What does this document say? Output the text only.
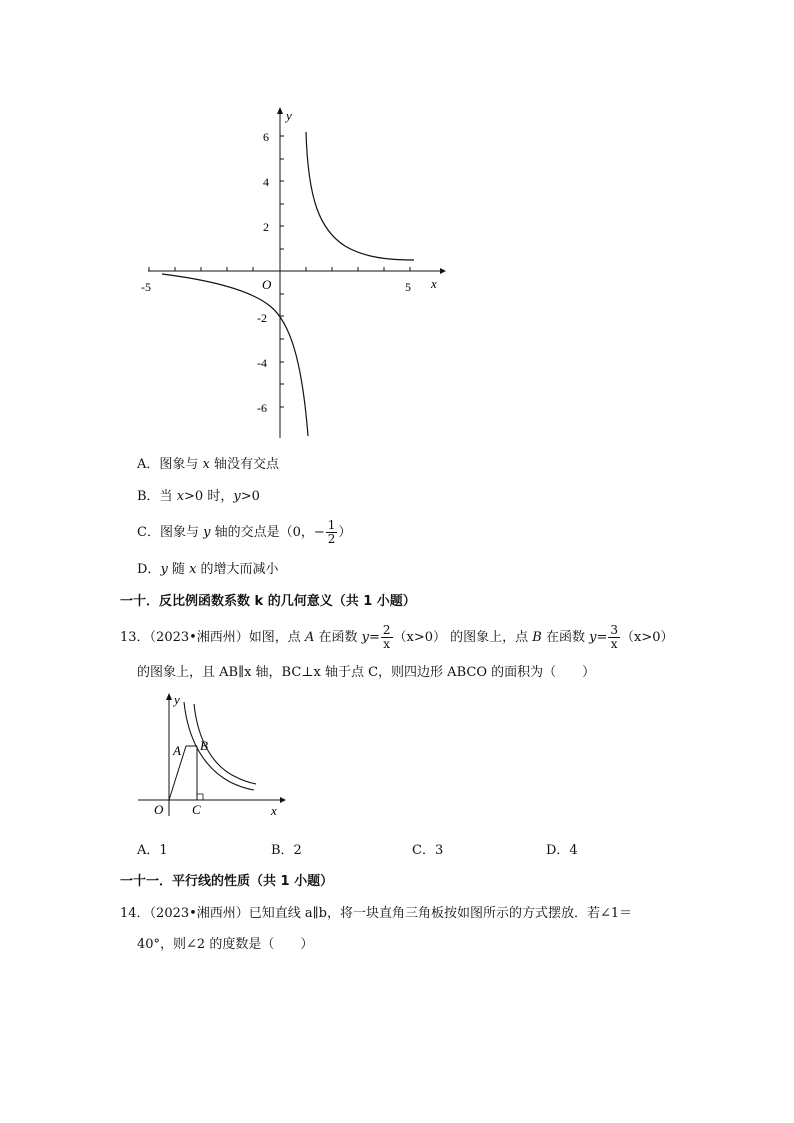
y
x
O
-5	5
6
4
2
-2
-4
-6
A．图象与 x 轴没有交点
B．当 x>0 时，y>0
C．图象与 y 轴的交点是（0，− $\frac{1}{2}$ ）
D．y 随 x 的增大而减小
一十．反比例函数系数 k 的几何意义（共 1 小题）
13．（2023•湘西州）如图，点 A 在函数 $y= \frac{2}{x} (x>0)$ 的图象上，点 B 在函数 $y= \frac{3}{x} (x>0)$
的图象上，且 AB∥x 轴，BC⊥x 轴于点 C，则四边形 ABCO 的面积为（　　）
y
x
O
A B
C
A．1	B．2	C．3	D．4
一十一．平行线的性质（共 1 小题）
14．（2023•湘西州）已知直线 a∥b，将一块直角三角板按如图所示的方式摆放．若∠1＝
40°，则∠2 的度数是（　　）
